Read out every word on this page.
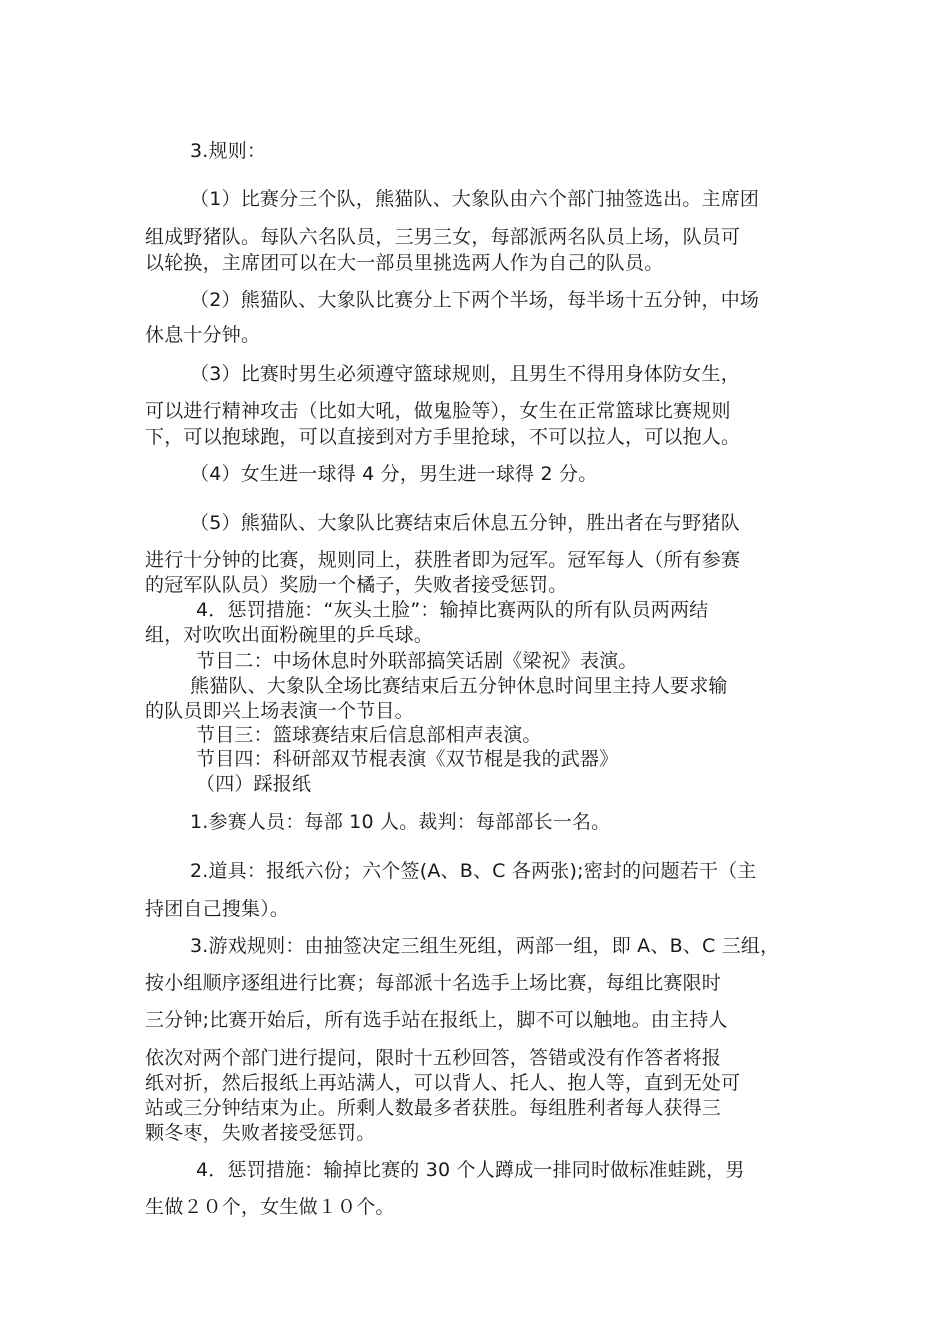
3.规则：
（1）比赛分三个队，熊猫队、大象队由六个部门抽签选出。主席团
组成野猪队。每队六名队员，三男三女，每部派两名队员上场，队员可
以轮换，主席团可以在大一部员里挑选两人作为自己的队员。
（2）熊猫队、大象队比赛分上下两个半场，每半场十五分钟，中场
休息十分钟。
（3）比赛时男生必须遵守篮球规则，且男生不得用身体防女生，
可以进行精神攻击（比如大吼，做鬼脸等），女生在正常篮球比赛规则
下，可以抱球跑，可以直接到对方手里抢球，不可以拉人，可以抱人。
（4）女生进一球得 4 分，男生进一球得 2 分。
（5）熊猫队、大象队比赛结束后休息五分钟，胜出者在与野猪队
进行十分钟的比赛，规则同上，获胜者即为冠军。冠军每人（所有参赛
的冠军队队员）奖励一个橘子，失败者接受惩罚。
4．惩罚措施：“灰头土脸”：输掉比赛两队的所有队员两两结
组，对吹吹出面粉碗里的乒乓球。
节目二：中场休息时外联部搞笑话剧《梁祝》表演。
熊猫队、大象队全场比赛结束后五分钟休息时间里主持人要求输
的队员即兴上场表演一个节目。
节目三：篮球赛结束后信息部相声表演。
节目四：科研部双节棍表演《双节棍是我的武器》
（四）踩报纸
1.参赛人员：每部 10 人。裁判：每部部长一名。
2.道具：报纸六份；六个签(A、B、C 各两张);密封的问题若干（主
持团自己搜集）。
3.游戏规则：由抽签决定三组生死组，两部一组，即 A、B、C 三组，
按小组顺序逐组进行比赛；每部派十名选手上场比赛，每组比赛限时
三分钟;比赛开始后，所有选手站在报纸上，脚不可以触地。由主持人
依次对两个部门进行提问，限时十五秒回答，答错或没有作答者将报
纸对折，然后报纸上再站满人，可以背人、托人、抱人等，直到无处可
站或三分钟结束为止。所剩人数最多者获胜。每组胜利者每人获得三
颗冬枣，失败者接受惩罚。
4．惩罚措施：输掉比赛的 30 个人蹲成一排同时做标准蛙跳，男
生做２０个，女生做１０个。
